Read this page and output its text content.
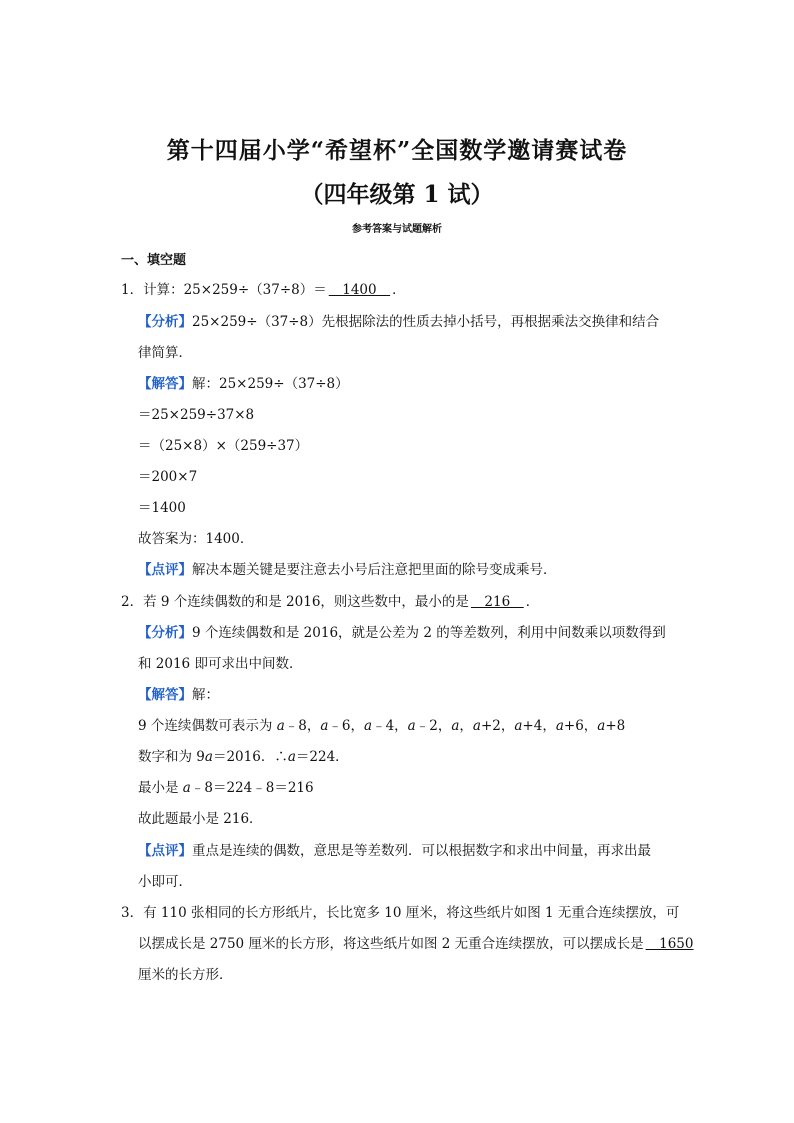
第十四届小学“希望杯”全国数学邀请赛试卷
（四年级第 1 试）
参考答案与试题解析
一、填空题
1．计算：25×259÷（37÷8）＝　1400　．
【分析】25×259÷（37÷8）先根据除法的性质去掉小括号，再根据乘法交换律和结合
律简算．
【解答】解：25×259÷（37÷8）
＝25×259÷37×8
＝（25×8）×（259÷37）
＝200×7
＝1400
故答案为：1400．
【点评】解决本题关键是要注意去小号后注意把里面的除号变成乘号．
2．若 9 个连续偶数的和是 2016，则这些数中，最小的是　216　．
【分析】9 个连续偶数和是 2016，就是公差为 2 的等差数列，利用中间数乘以项数得到
和 2016 即可求出中间数．
【解答】解：
9 个连续偶数可表示为 a﹣8，a﹣6，a﹣4，a﹣2，a，a+2，a+4，a+6，a+8
数字和为 9a＝2016．∴a＝224．
最小是 a﹣8＝224﹣8＝216
故此题最小是 216．
【点评】重点是连续的偶数，意思是等差数列．可以根据数字和求出中间量，再求出最
小即可．
3．有 110 张相同的长方形纸片，长比宽多 10 厘米，将这些纸片如图 1 无重合连续摆放，可
以摆成长是 2750 厘米的长方形，将这些纸片如图 2 无重合连续摆放，可以摆成长是　1650
厘米的长方形．
